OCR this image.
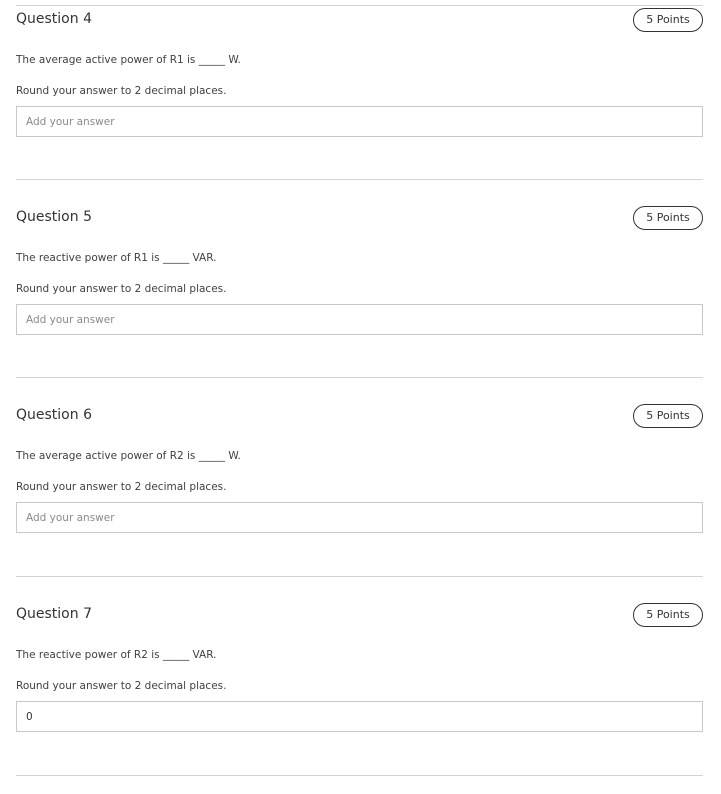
Question 4	5 Points
The average active power of R1 is _____ W.
Round your answer to 2 decimal places.
Add your answer
Question 5	5 Points
The reactive power of R1 is _____ VAR.
Round your answer to 2 decimal places.
Add your answer
Question 6	5 Points
The average active power of R2 is _____ W.
Round your answer to 2 decimal places.
Add your answer
Question 7	5 Points
The reactive power of R2 is _____ VAR.
Round your answer to 2 decimal places.
0
